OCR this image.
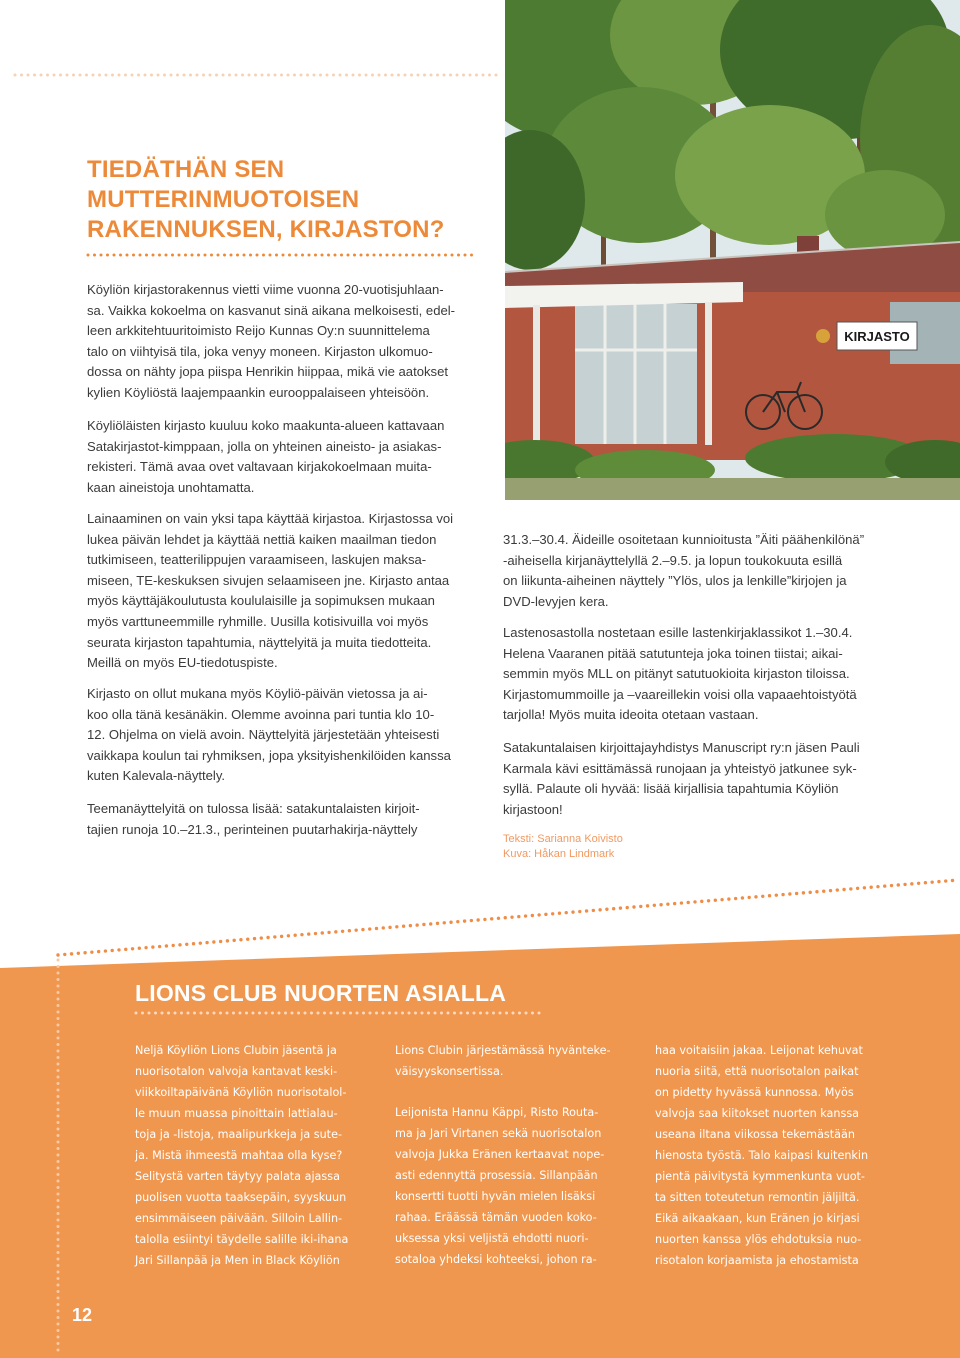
KIRJASTO
TIEDÄTHÄN SEN
MUTTERINMUOTOISEN
RAKENNUKSEN, KIRJASTON?
Köyliön kirjastorakennus vietti viime vuonna 20-vuotisjuhlaan-
sa. Vaikka kokoelma on kasvanut sinä aikana melkoisesti, edel-
leen arkkitehtuuritoimisto Reijo Kunnas Oy:n suunnittelema
talo on viihtyisä tila, joka venyy moneen. Kirjaston ulkomuo-
dossa on nähty jopa piispa Henrikin hiippaa, mikä vie aatokset
kylien Köyliöstä laajempaankin eurooppalaiseen yhteisöön.
Köyliöläisten kirjasto kuuluu koko maakunta-alueen kattavaan
Satakirjastot-kimppaan, jolla on yhteinen aineisto- ja asiakas-
rekisteri. Tämä avaa ovet valtavaan kirjakokoelmaan muita-
kaan aineistoja unohtamatta.
Lainaaminen on vain yksi tapa käyttää kirjastoa. Kirjastossa voi
lukea päivän lehdet ja käyttää nettiä kaiken maailman tiedon
tutkimiseen, teatterilippujen varaamiseen, laskujen maksa-
miseen, TE-keskuksen sivujen selaamiseen jne. Kirjasto antaa
myös käyttäjäkoulutusta koululaisille ja sopimuksen mukaan
myös varttuneemmille ryhmille. Uusilla kotisivuilla voi myös
seurata kirjaston tapahtumia, näyttelyitä ja muita tiedotteita.
Meillä on myös EU-tiedotuspiste.
Kirjasto on ollut mukana myös Köyliö-päivän vietossa ja ai-
koo olla tänä kesänäkin. Olemme avoinna pari tuntia klo 10-
12. Ohjelma on vielä avoin. Näyttelyitä järjestetään yhteisesti
vaikkapa koulun tai ryhmiksen, jopa yksityishenkilöiden kanssa
kuten Kalevala-näyttely.
Teemanäyttelyitä on tulossa lisää: satakuntalaisten kirjoit-
tajien runoja 10.–21.3., perinteinen puutarhakirja-näyttely
31.3.–30.4. Äideille osoitetaan kunnioitusta ”Äiti päähenkilönä”
-aiheisella kirjanäyttelyllä 2.–9.5. ja lopun toukokuuta esillä
on liikunta-aiheinen näyttely ”Ylös, ulos ja lenkille”kirjojen ja
DVD-levyjen kera.
Lastenosastolla nostetaan esille lastenkirjaklassikot 1.–30.4.
Helena Vaaranen pitää satutunteja joka toinen tiistai; aikai-
semmin myös MLL on pitänyt satutuokioita kirjaston tiloissa.
Kirjastomummoille ja –vaareillekin voisi olla vapaaehtoistyötä
tarjolla! Myös muita ideoita otetaan vastaan.
Satakuntalaisen kirjoittajayhdistys Manuscript ry:n jäsen Pauli
Karmala kävi esittämässä runojaan ja yhteistyö jatkunee syk-
syllä. Palaute oli hyvää: lisää kirjallisia tapahtumia Köyliön
kirjastoon!
Teksti: Sarianna Koivisto
Kuva: Håkan Lindmark
LIONS CLUB NUORTEN ASIALLA
Neljä Köyliön Lions Clubin jäsentä ja
nuorisotalon valvoja kantavat keski-
viikkoiltapäivänä Köyliön nuorisotalol-
le muun muassa pinoittain lattialau-
toja ja -listoja, maalipurkkeja ja sute-
ja. Mistä ihmeestä mahtaa olla kyse?
Selitystä varten täytyy palata ajassa
puolisen vuotta taaksepäin, syyskuun
ensimmäiseen päivään. Silloin Lallin-
talolla esiintyi täydelle salille iki-ihana
Jari Sillanpää ja Men in Black Köyliön
Lions Clubin järjestämässä hyvänteke-
väisyyskonsertissa.
Leijonista Hannu Käppi, Risto Routa-
ma ja Jari Virtanen sekä nuorisotalon
valvoja Jukka Eränen kertaavat nope-
asti edennyttä prosessia. Sillanpään
konsertti tuotti hyvän mielen lisäksi
rahaa. Eräässä tämän vuoden koko-
uksessa yksi veljistä ehdotti nuori-
sotaloa yhdeksi kohteeksi, johon ra-
haa voitaisiin jakaa. Leijonat kehuvat
nuoria siitä, että nuorisotalon paikat
on pidetty hyvässä kunnossa. Myös
valvoja saa kiitokset nuorten kanssa
useana iltana viikossa tekemästään
hienosta työstä. Talo kaipasi kuitenkin
pientä päivitystä kymmenkunta vuot-
ta sitten toteutetun remontin jäljiltä.
Eikä aikaakaan, kun Eränen jo kirjasi
nuorten kanssa ylös ehdotuksia nuo-
risotalon korjaamista ja ehostamista
12
